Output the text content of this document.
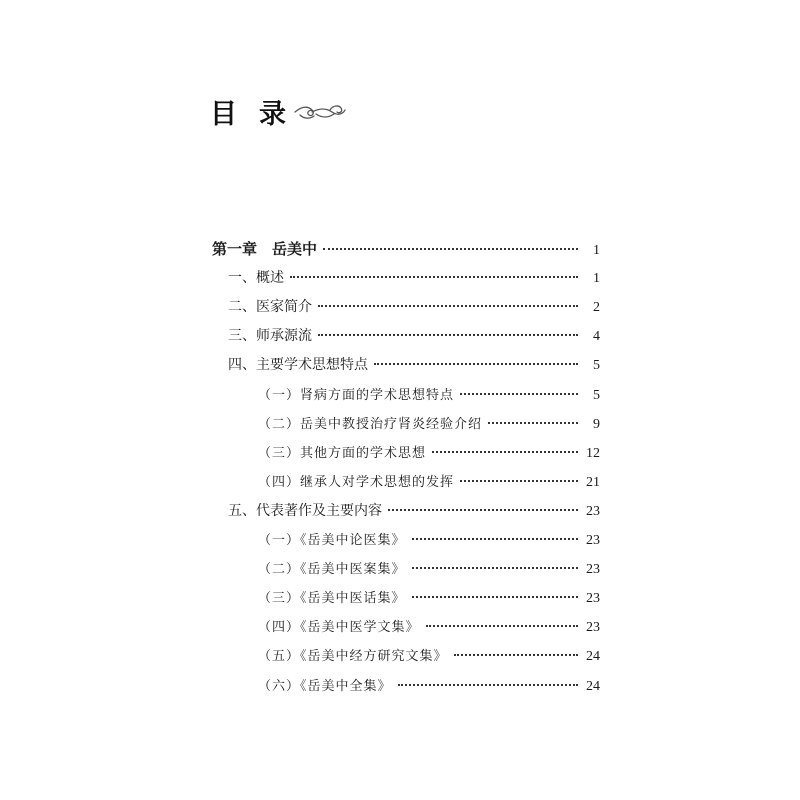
目 录
第一章　岳美中	1
一、概述	1
二、医家简介	2
三、师承源流	4
四、主要学术思想特点	5
（一）肾病方面的学术思想特点	5
（二）岳美中教授治疗肾炎经验介绍	9
（三）其他方面的学术思想	12
（四）继承人对学术思想的发挥	21
五、代表著作及主要内容	23
（一）《岳美中论医集》	23
（二）《岳美中医案集》	23
（三）《岳美中医话集》	23
（四）《岳美中医学文集》	23
（五）《岳美中经方研究文集》	24
（六）《岳美中全集》	24
